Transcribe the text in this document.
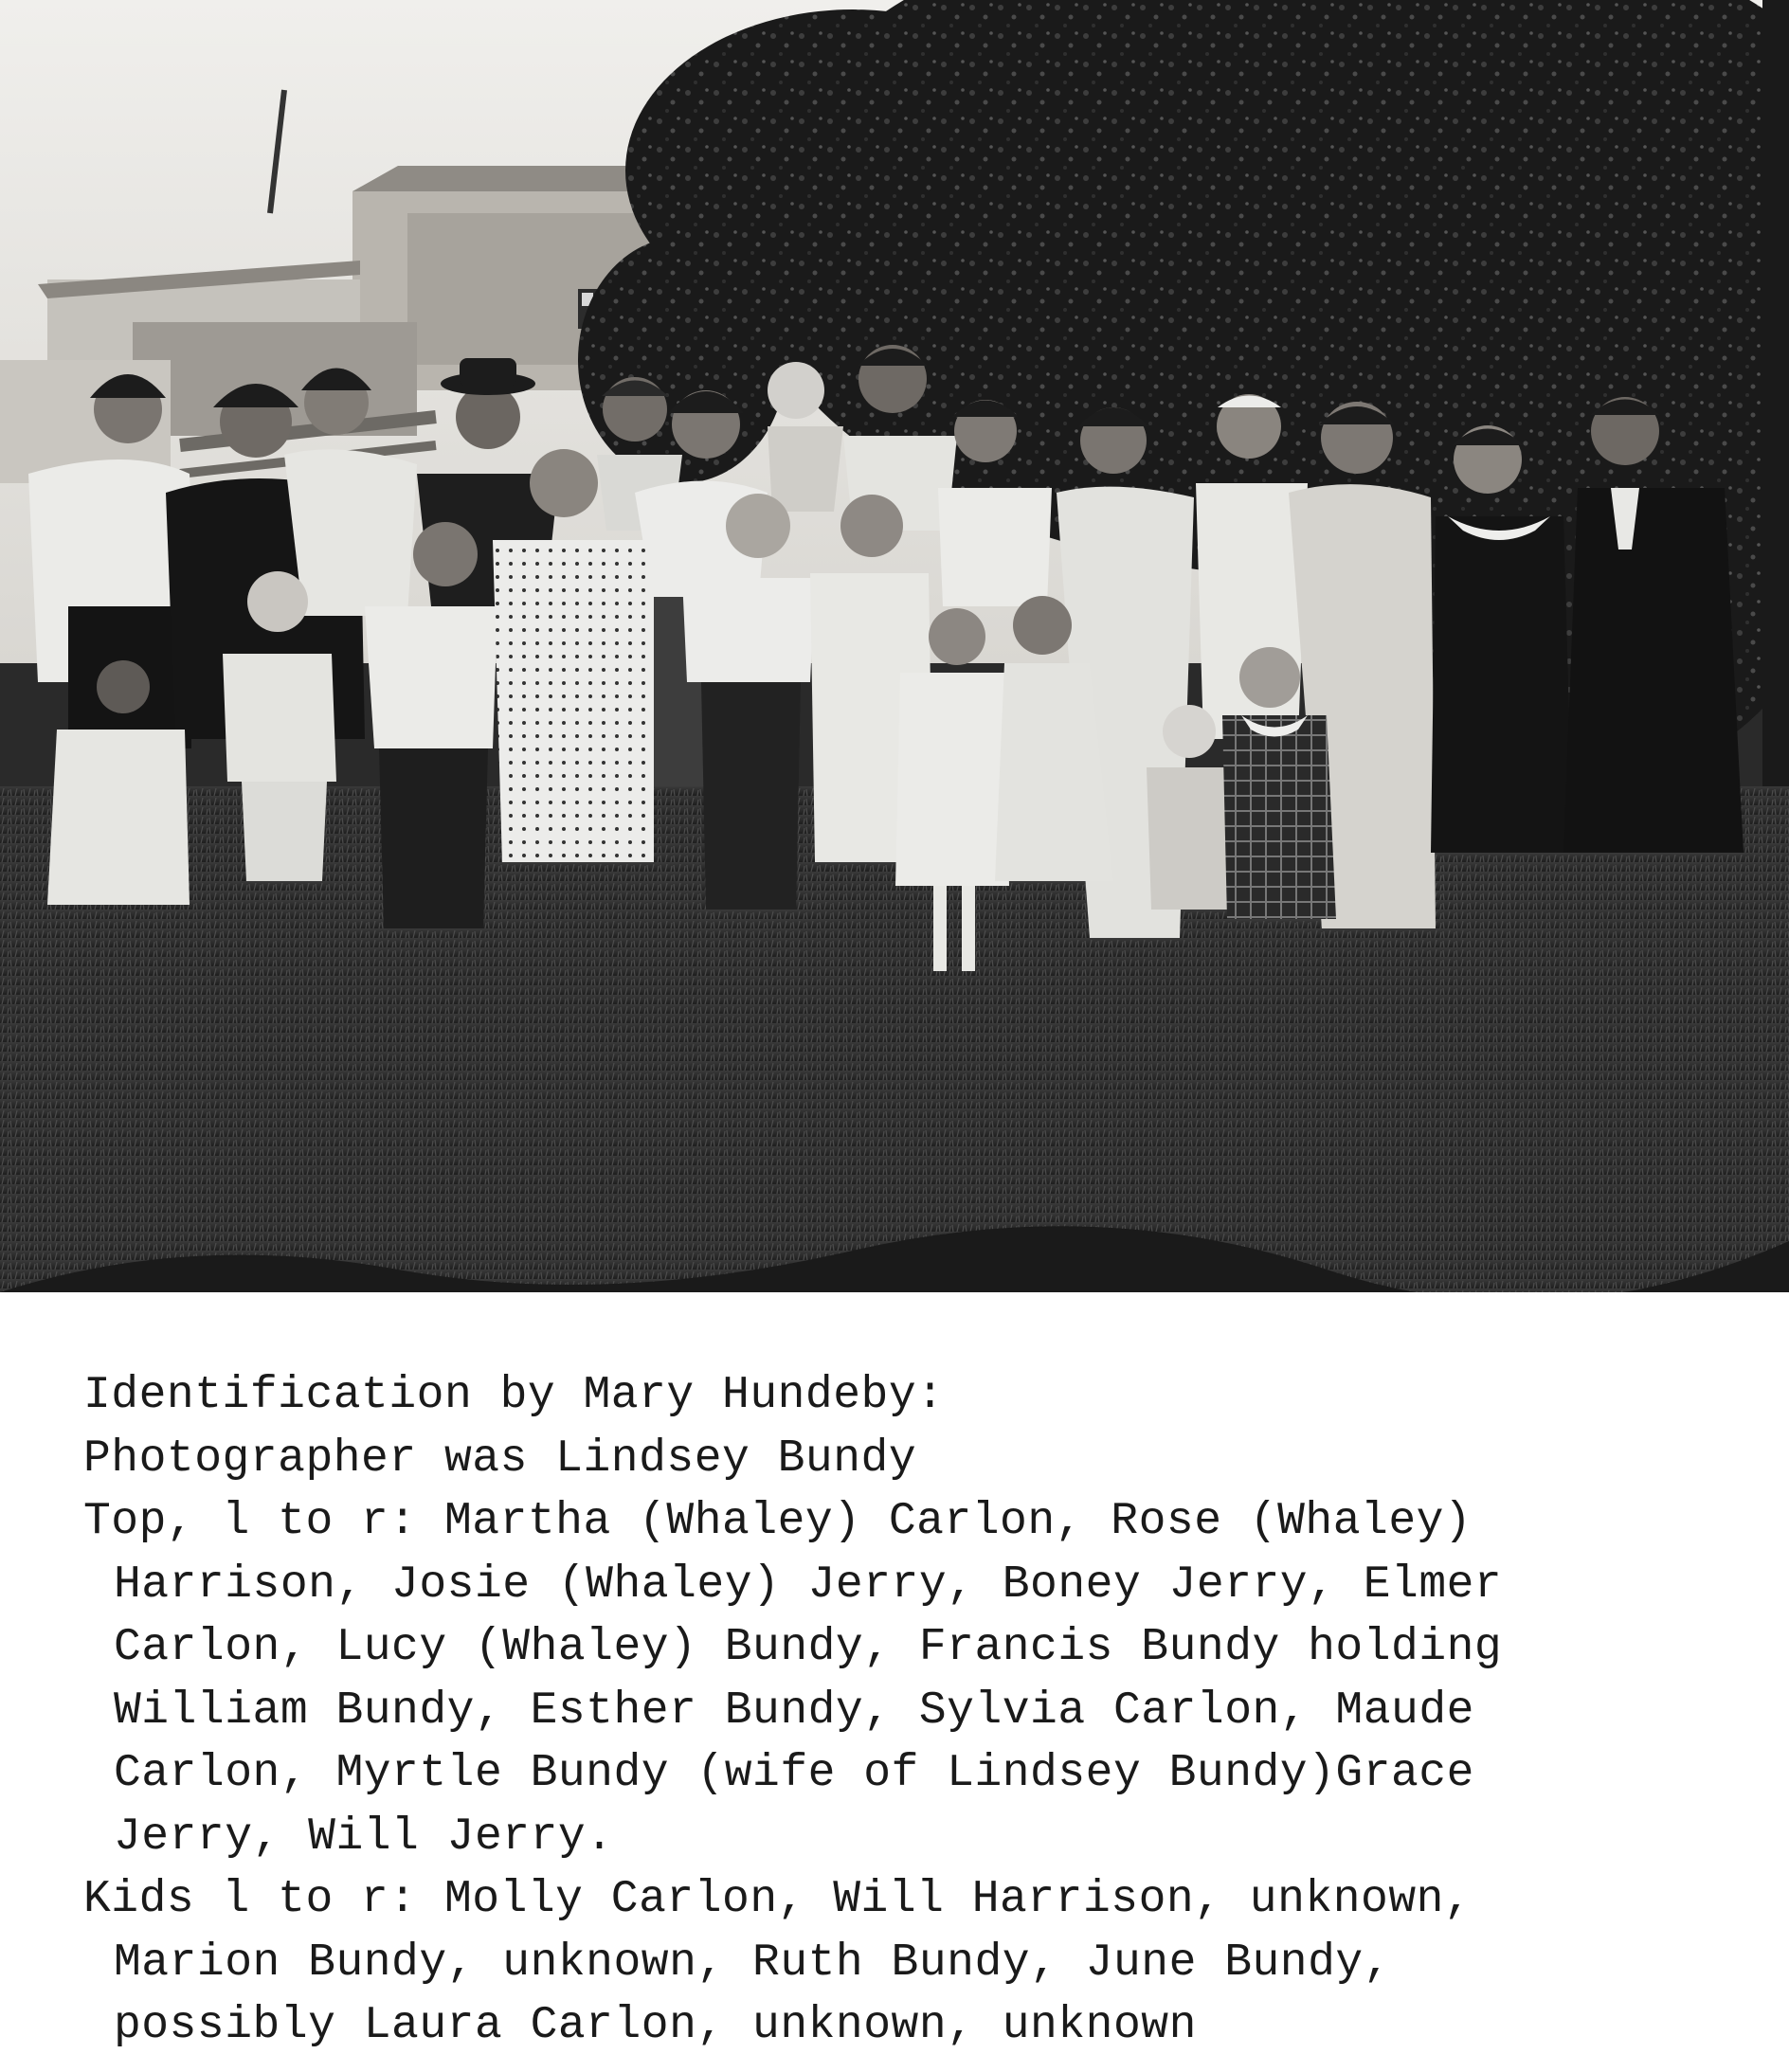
Identification by Mary Hundeby:
Photographer was Lindsey Bundy
Top, l to r: Martha (Whaley) Carlon, Rose (Whaley)
Harrison, Josie (Whaley) Jerry, Boney Jerry, Elmer
Carlon, Lucy (Whaley) Bundy, Francis Bundy holding
William Bundy, Esther Bundy, Sylvia Carlon, Maude
Carlon, Myrtle Bundy (wife of Lindsey Bundy)Grace
Jerry, Will Jerry.
Kids l to r: Molly Carlon, Will Harrison, unknown,
Marion Bundy, unknown, Ruth Bundy, June Bundy,
possibly Laura Carlon, unknown, unknown
